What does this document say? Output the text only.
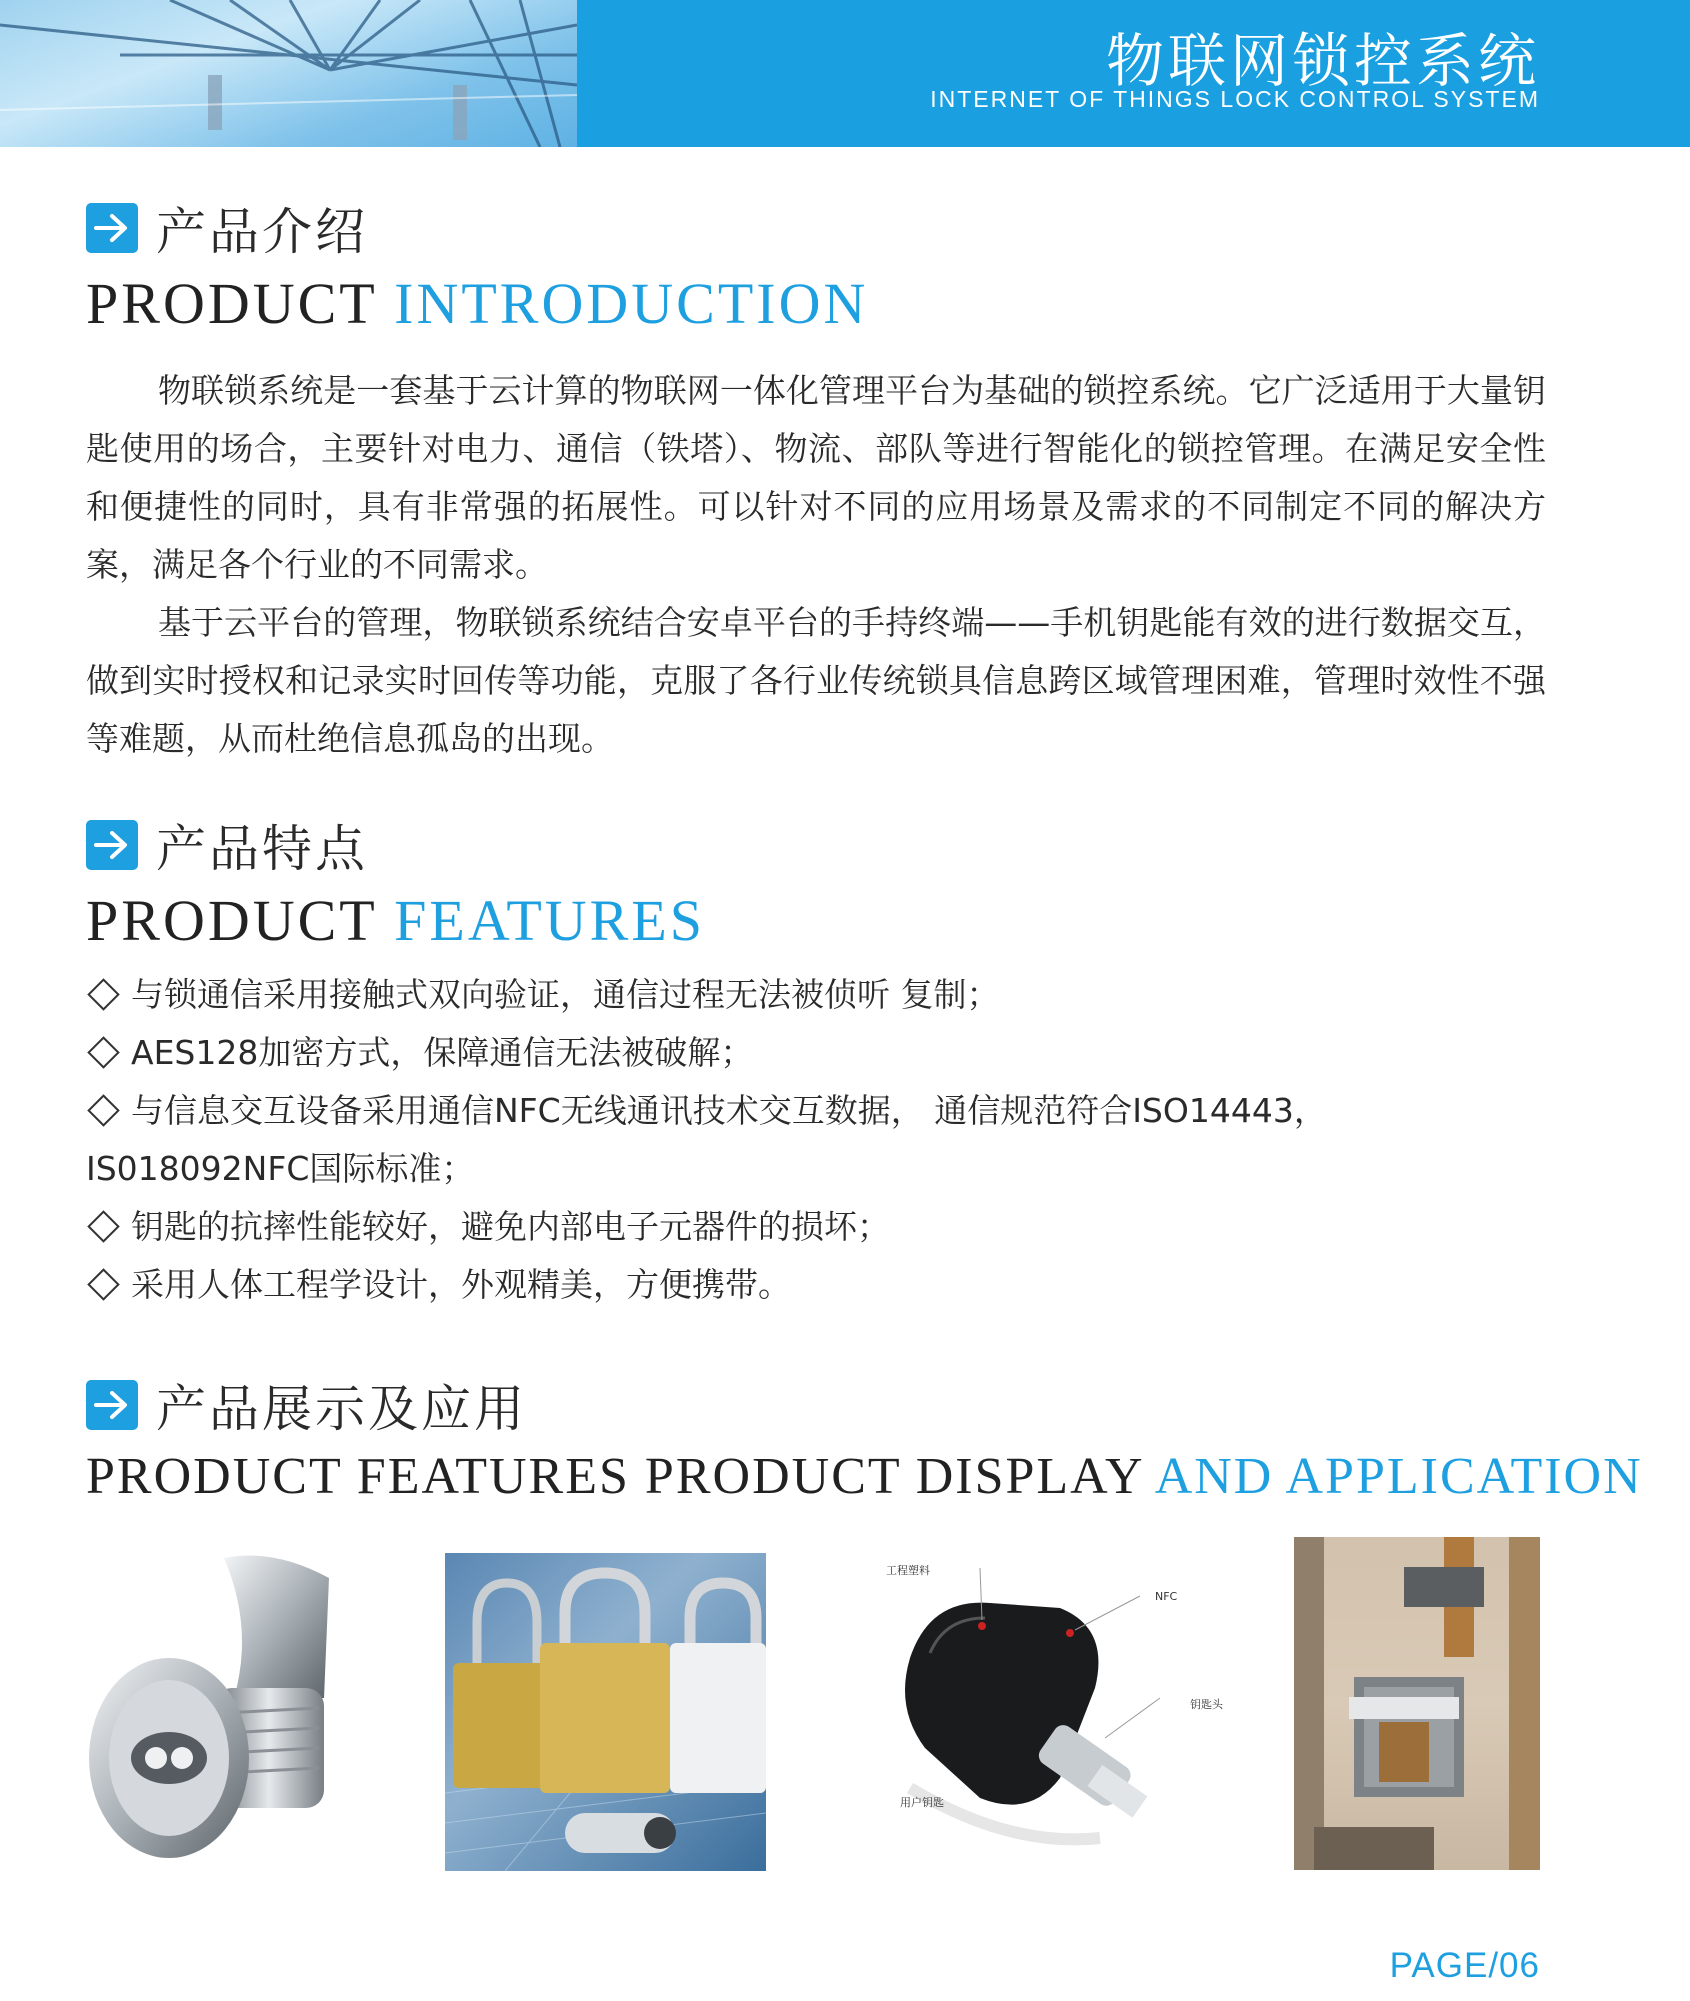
物联网锁控系统
INTERNET OF THINGS LOCK CONTROL SYSTEM
产品介绍
PRODUCT INTRODUCTION

物联锁系统是一套基于云计算的物联网一体化管理平台为基础的锁控系统。它广泛适用于大量钥匙使用的场合，主要针对电力、通信（铁塔）、物流、部队等进行智能化的锁控管理。在满足安全性和便捷性的同时，具有非常强的拓展性。可以针对不同的应用场景及需求的不同制定不同的解决方案，满足各个行业的不同需求。

基于云平台的管理，物联锁系统结合安卓平台的手持终端——手机钥匙能有效的进行数据交互，做到实时授权和记录实时回传等功能，克服了各行业传统锁具信息跨区域管理困难，管理时效性不强等难题，从而杜绝信息孤岛的出现。

产品特点
PRODUCT FEATURES

与锁通信采用接触式双向验证，通信过程无法被侦听 复制；

AES128加密方式，保障通信无法被破解；

与信息交互设备采用通信NFC无线通讯技术交互数据， 通信规范符合ISO14443，IS018092NFC国际标准；

钥匙的抗摔性能较好，避免内部电子元器件的损坏；

采用人体工程学设计，外观精美，方便携带。

产品展示及应用
PRODUCT FEATURES PRODUCT DISPLAY AND APPLICATION
工程塑料
NFC
钥匙头
用户钥匙
PAGE/06
